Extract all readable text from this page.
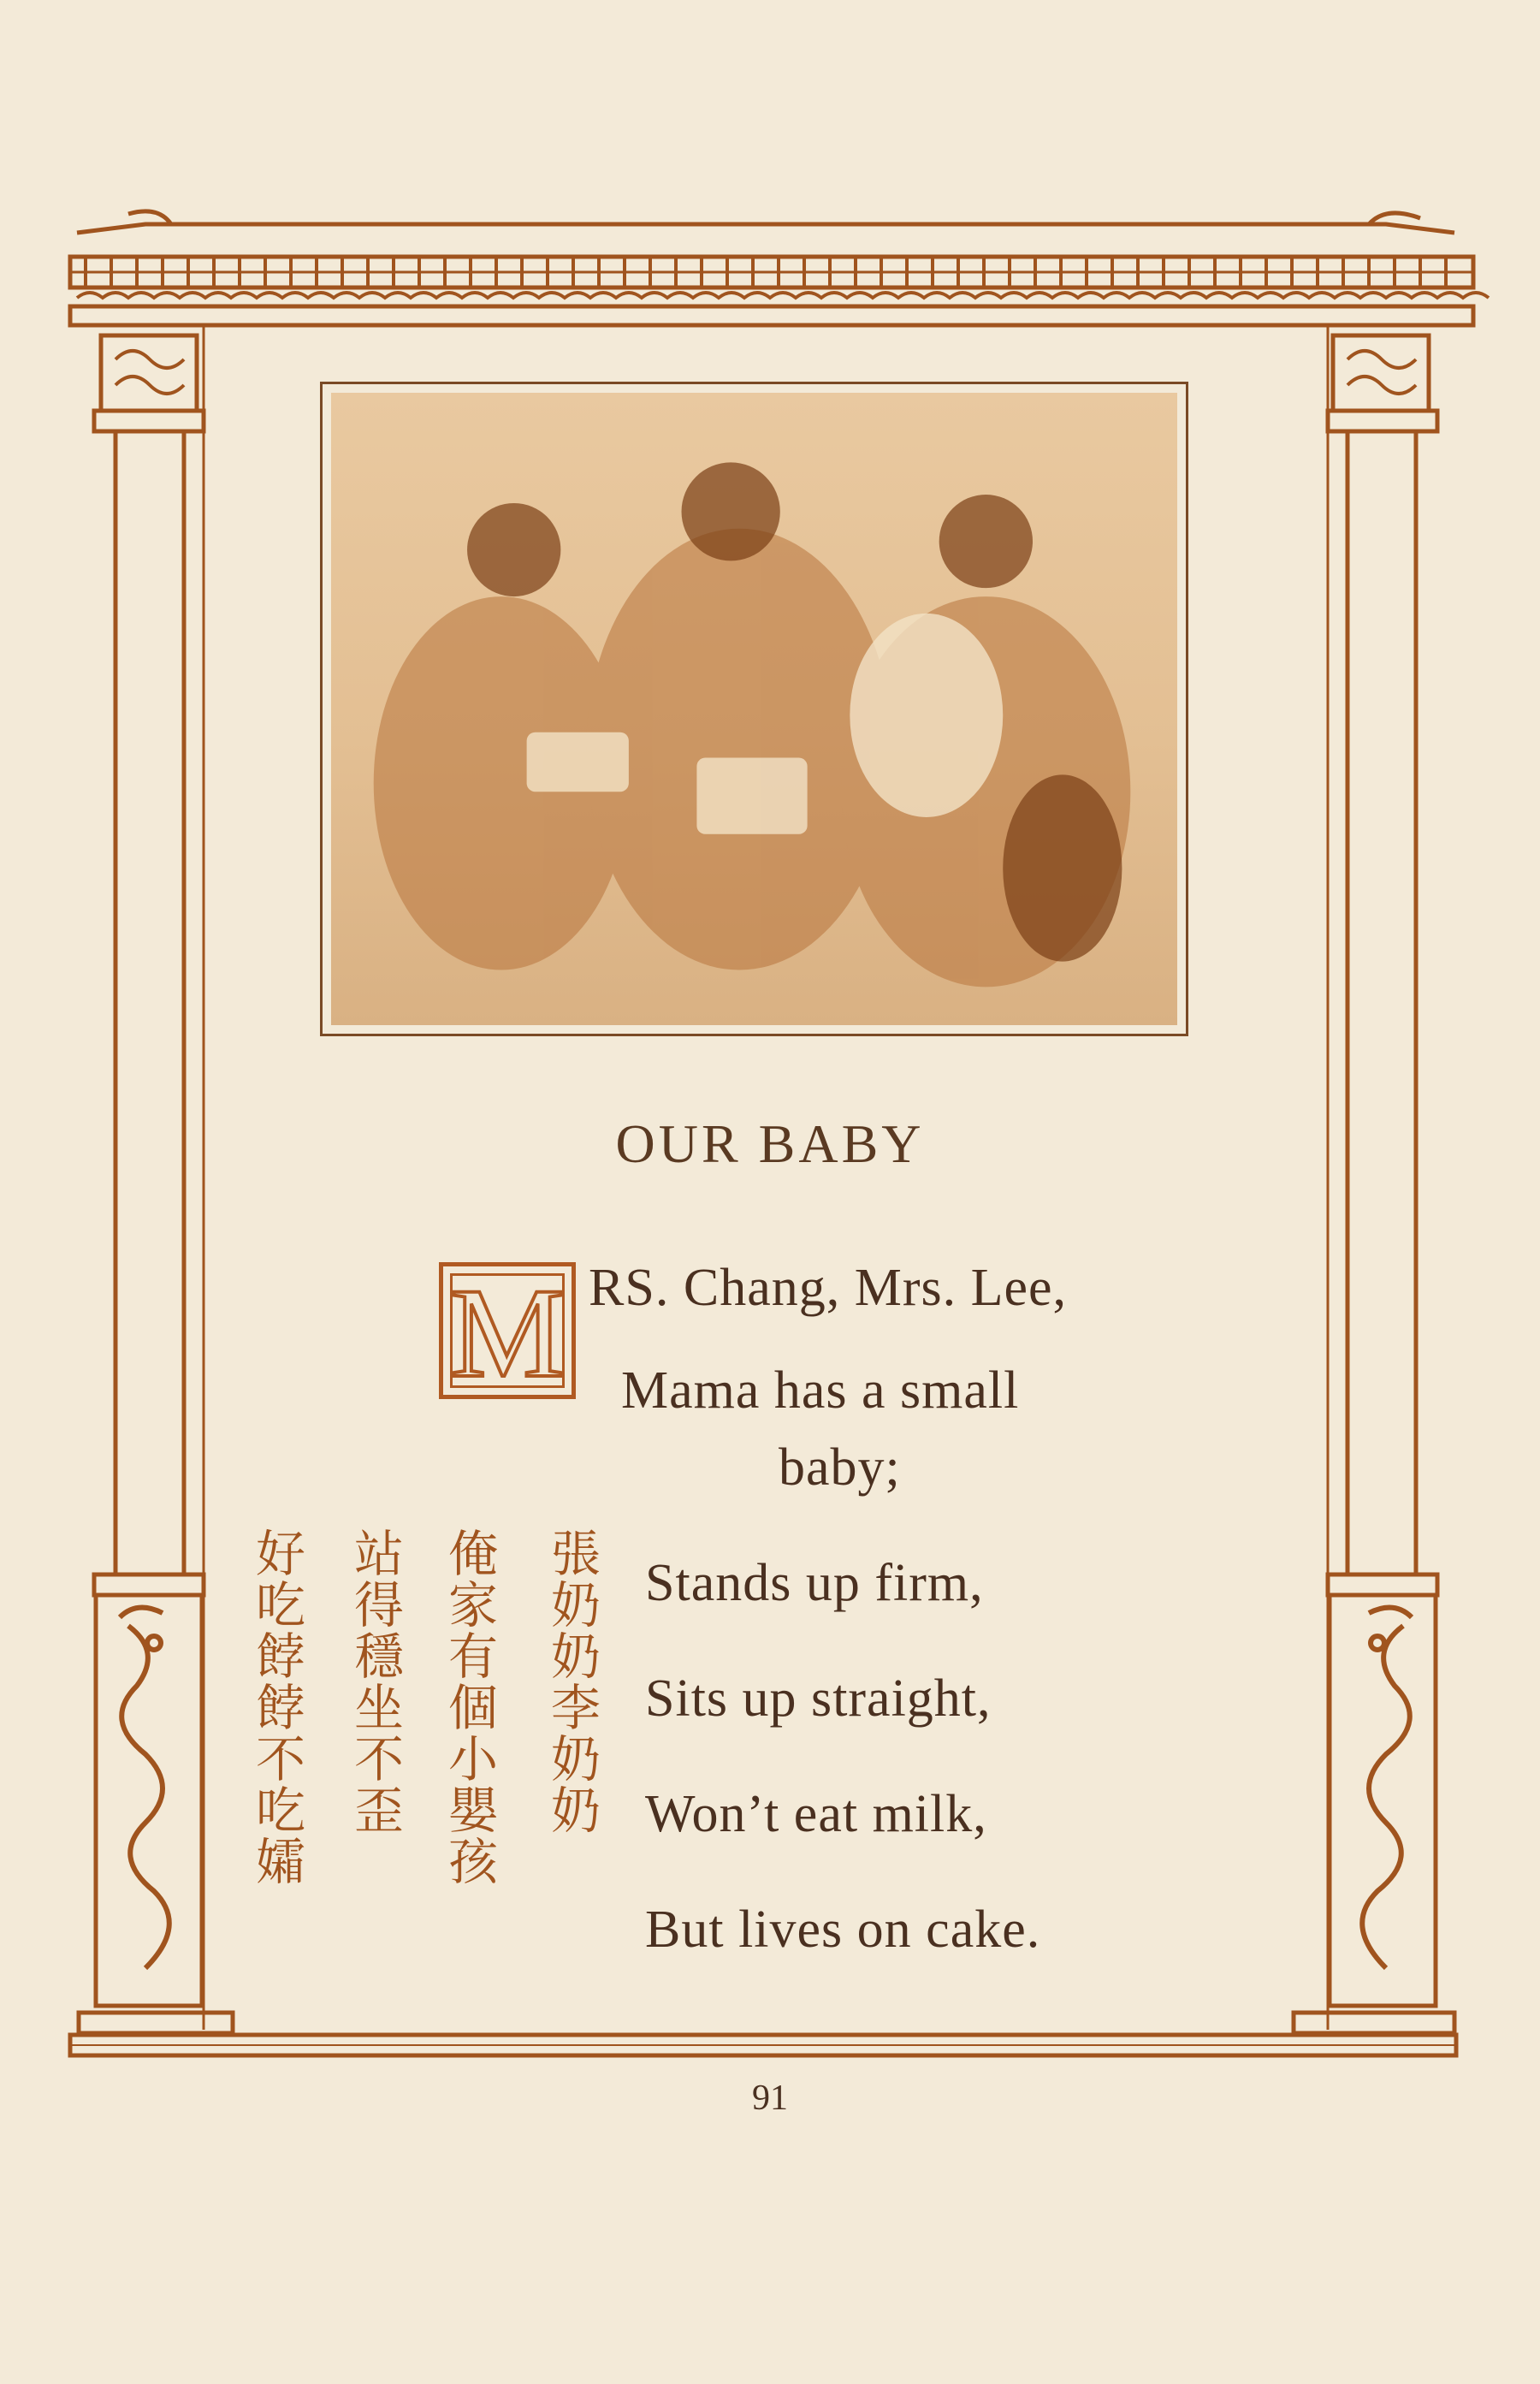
OUR BABY
M RS. Chang, Mrs. Lee,
Mama has a small
baby;
Stands up firm,
Sits up straight,
Won’t eat milk,
But lives on cake.
張奶奶李奶奶
俺家有個小嬰孩
站得穩坐不歪
好吃餑餑不吃孀
91
